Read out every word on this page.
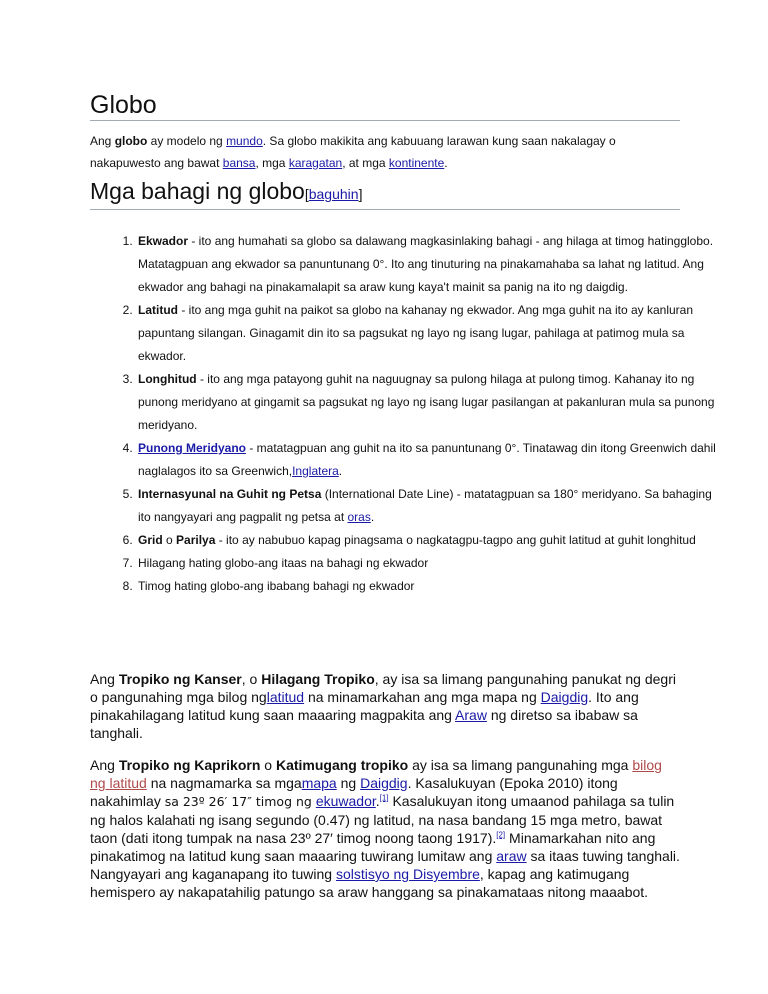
Globo

Ang globo ay modelo ng mundo. Sa globo makikita ang kabuuang larawan kung saan nakalagay o nakapuwesto ang bawat bansa, mga karagatan, at mga kontinente.

Mga bahagi ng globo[baguhin]
1. Ekwador - ito ang humahati sa globo sa dalawang magkasinlaking bahagi - ang hilaga at timog hatingglobo. Matatagpuan ang ekwador sa panuntunang 0°. Ito ang tinuturing na pinakamahaba sa lahat ng latitud. Ang ekwador ang bahagi na pinakamalapit sa araw kung kaya't mainit sa panig na ito ng daigdig.
2. Latitud - ito ang mga guhit na paikot sa globo na kahanay ng ekwador. Ang mga guhit na ito ay kanluran papuntang silangan. Ginagamit din ito sa pagsukat ng layo ng isang lugar, pahilaga at patimog mula sa ekwador.
3. Longhitud - ito ang mga patayong guhit na naguugnay sa pulong hilaga at pulong timog. Kahanay ito ng punong meridyano at gingamit sa pagsukat ng layo ng isang lugar pasilangan at pakanluran mula sa punong meridyano.
4. Punong Meridyano - matatagpuan ang guhit na ito sa panuntunang 0°. Tinatawag din itong Greenwich dahil naglalagos ito sa Greenwich,Inglatera.
5. Internasyunal na Guhit ng Petsa (International Date Line) - matatagpuan sa 180° meridyano. Sa bahaging ito nangyayari ang pagpalit ng petsa at oras.
6. Grid o Parilya - ito ay nabubuo kapag pinagsama o nagkatagpu-tagpo ang guhit latitud at guhit longhitud
7. Hilagang hating globo-ang itaas na bahagi ng ekwador
8. Timog hating globo-ang ibabang bahagi ng ekwador

Ang Tropiko ng Kanser, o Hilagang Tropiko, ay isa sa limang pangunahing panukat ng degri o pangunahing mga bilog nglatitud na minamarkahan ang mga mapa ng Daigdig. Ito ang pinakahilagang latitud kung saan maaaring magpakita ang Araw ng diretso sa ibabaw sa tanghali.

Ang Tropiko ng Kaprikorn o Katimugang tropiko ay isa sa limang pangunahing mga bilog ng latitud na nagmamarka sa mgamapa ng Daigdig. Kasalukuyan (Epoka 2010) itong nakahimlay sa 23º 26′ 17″ timog ng ekuwador.[1] Kasalukuyan itong umaanod pahilaga sa tulin ng halos kalahati ng isang segundo (0.47) ng latitud, na nasa bandang 15 mga metro, bawat taon (dati itong tumpak na nasa 23º 27′ timog noong taong 1917).[2] Minamarkahan nito ang pinakatimog na latitud kung saan maaaring tuwirang lumitaw ang araw sa itaas tuwing tanghali. Nangyayari ang kaganapang ito tuwing solstisyo ng Disyembre, kapag ang katimugang hemispero ay nakapatahilig patungo sa araw hanggang sa pinakamataas nitong maaabot.
